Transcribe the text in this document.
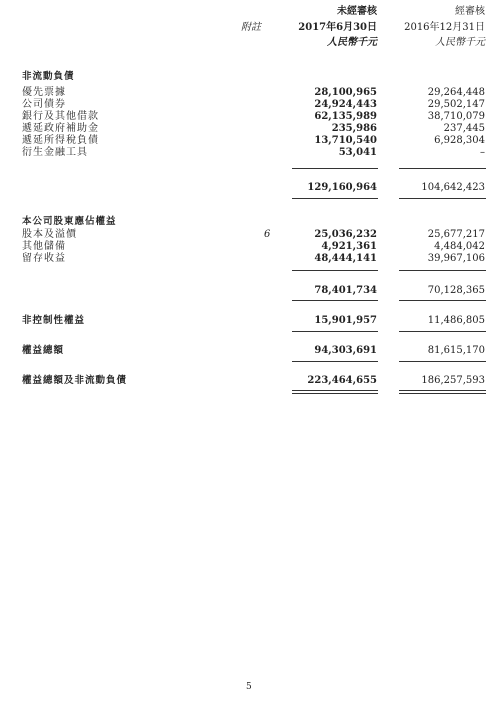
未經審核	經審核
附註	2017年6月30日	2016年12月31日
人民幣千元	人民幣千元
非流動負債
優先票據	28,100,965	29,264,448
公司債券	24,924,443	29,502,147
銀行及其他借款	62,135,989	38,710,079
遞延政府補助金	235,986	237,445
遞延所得稅負債	13,710,540	6,928,304
衍生金融工具	53,041	–
129,160,964	104,642,423
本公司股東應佔權益
股本及溢價	6	25,036,232	25,677,217
其他儲備	4,921,361	4,484,042
留存收益	48,444,141	39,967,106
78,401,734	70,128,365
非控制性權益	15,901,957	11,486,805
權益總額	94,303,691	81,615,170
權益總額及非流動負債	223,464,655	186,257,593
5
